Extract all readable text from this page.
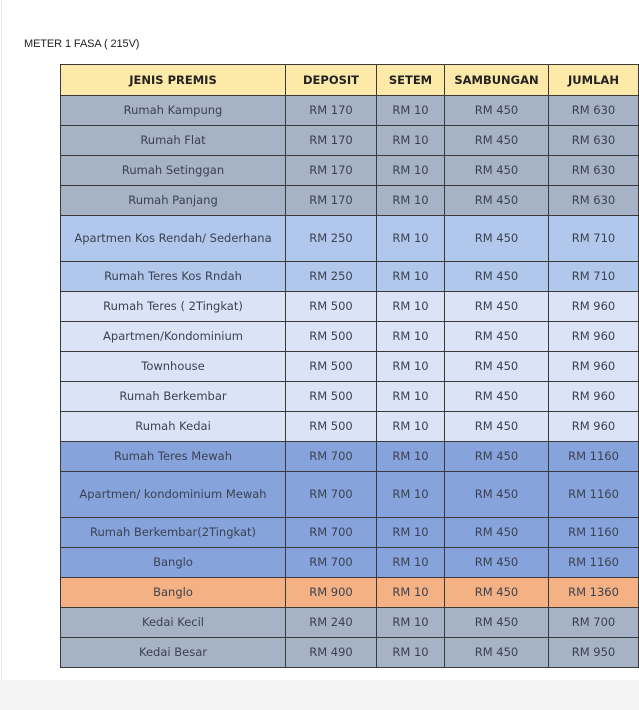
METER 1 FASA ( 215V)
JENIS PREMIS	DEPOSIT	SETEM	SAMBUNGAN	JUMLAH
Rumah Kampung	RM 170	RM 10	RM 450	RM 630
Rumah Flat	RM 170	RM 10	RM 450	RM 630
Rumah Setinggan	RM 170	RM 10	RM 450	RM 630
Rumah Panjang	RM 170	RM 10	RM 450	RM 630
Apartmen Kos Rendah/ Sederhana	RM 250	RM 10	RM 450	RM 710
Rumah Teres Kos Rndah	RM 250	RM 10	RM 450	RM 710
Rumah Teres ( 2Tingkat)	RM 500	RM 10	RM 450	RM 960
Apartmen/Kondominium	RM 500	RM 10	RM 450	RM 960
Townhouse	RM 500	RM 10	RM 450	RM 960
Rumah Berkembar	RM 500	RM 10	RM 450	RM 960
Rumah Kedai	RM 500	RM 10	RM 450	RM 960
Rumah Teres Mewah	RM 700	RM 10	RM 450	RM 1160
Apartmen/ kondominium Mewah	RM 700	RM 10	RM 450	RM 1160
Rumah Berkembar(2Tingkat)	RM 700	RM 10	RM 450	RM 1160
Banglo	RM 700	RM 10	RM 450	RM 1160
Banglo	RM 900	RM 10	RM 450	RM 1360
Kedai Kecil	RM 240	RM 10	RM 450	RM 700
Kedai Besar	RM 490	RM 10	RM 450	RM 950
